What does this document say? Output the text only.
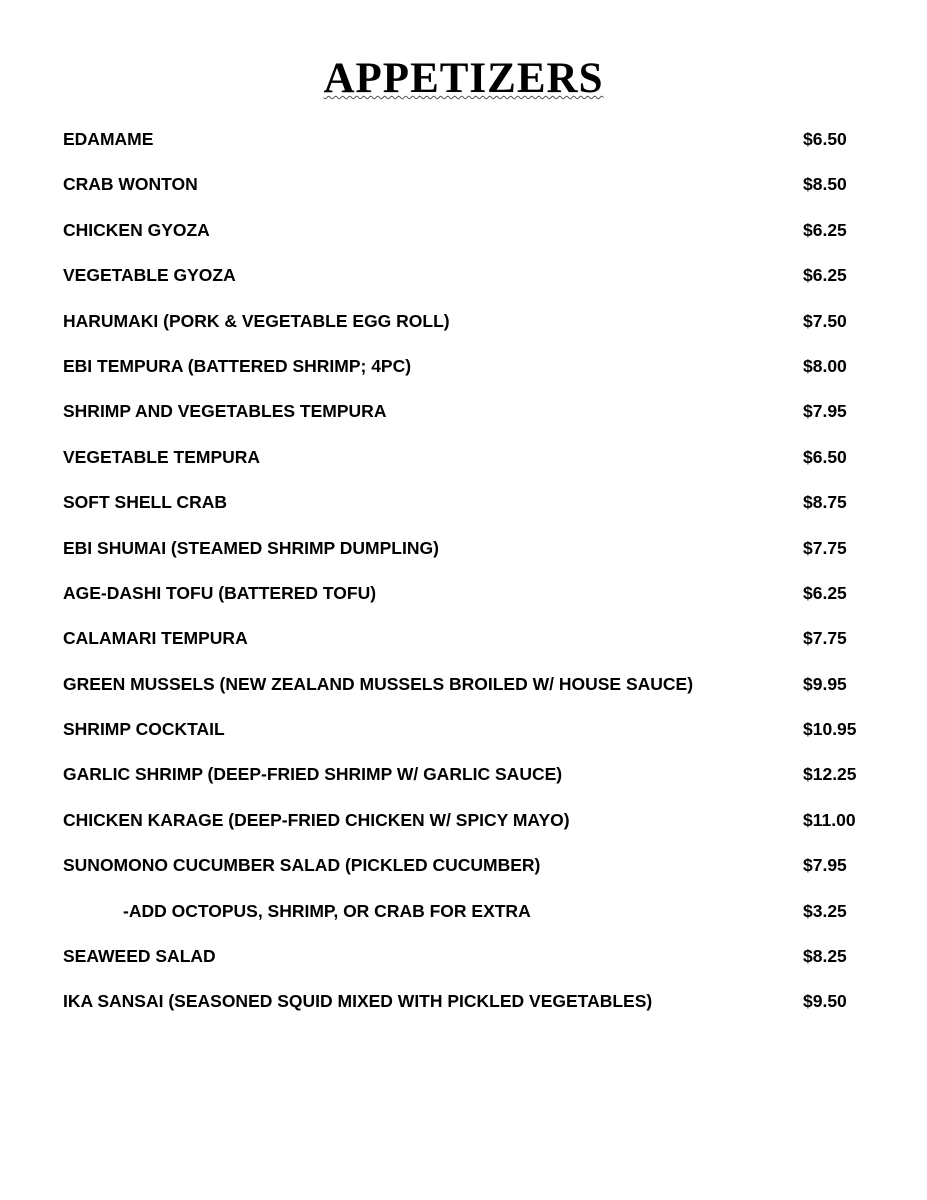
APPETIZERS
EDAMAME	$6.50
CRAB WONTON	$8.50
CHICKEN GYOZA	$6.25
VEGETABLE GYOZA	$6.25
HARUMAKI (PORK & VEGETABLE EGG ROLL)	$7.50
EBI TEMPURA (BATTERED SHRIMP; 4PC)	$8.00
SHRIMP AND VEGETABLES TEMPURA	$7.95
VEGETABLE TEMPURA	$6.50
SOFT SHELL CRAB	$8.75
EBI SHUMAI (STEAMED SHRIMP DUMPLING)	$7.75
AGE-DASHI TOFU (BATTERED TOFU)	$6.25
CALAMARI TEMPURA	$7.75
GREEN MUSSELS (NEW ZEALAND MUSSELS BROILED W/ HOUSE SAUCE)	$9.95
SHRIMP COCKTAIL	$10.95
GARLIC SHRIMP (DEEP-FRIED SHRIMP W/ GARLIC SAUCE)	$12.25
CHICKEN KARAGE (DEEP-FRIED CHICKEN W/ SPICY MAYO)	$11.00
SUNOMONO CUCUMBER SALAD (PICKLED CUCUMBER)	$7.95
-ADD OCTOPUS, SHRIMP, OR CRAB FOR EXTRA	$3.25
SEAWEED SALAD	$8.25
IKA SANSAI (SEASONED SQUID MIXED WITH PICKLED VEGETABLES)	$9.50
